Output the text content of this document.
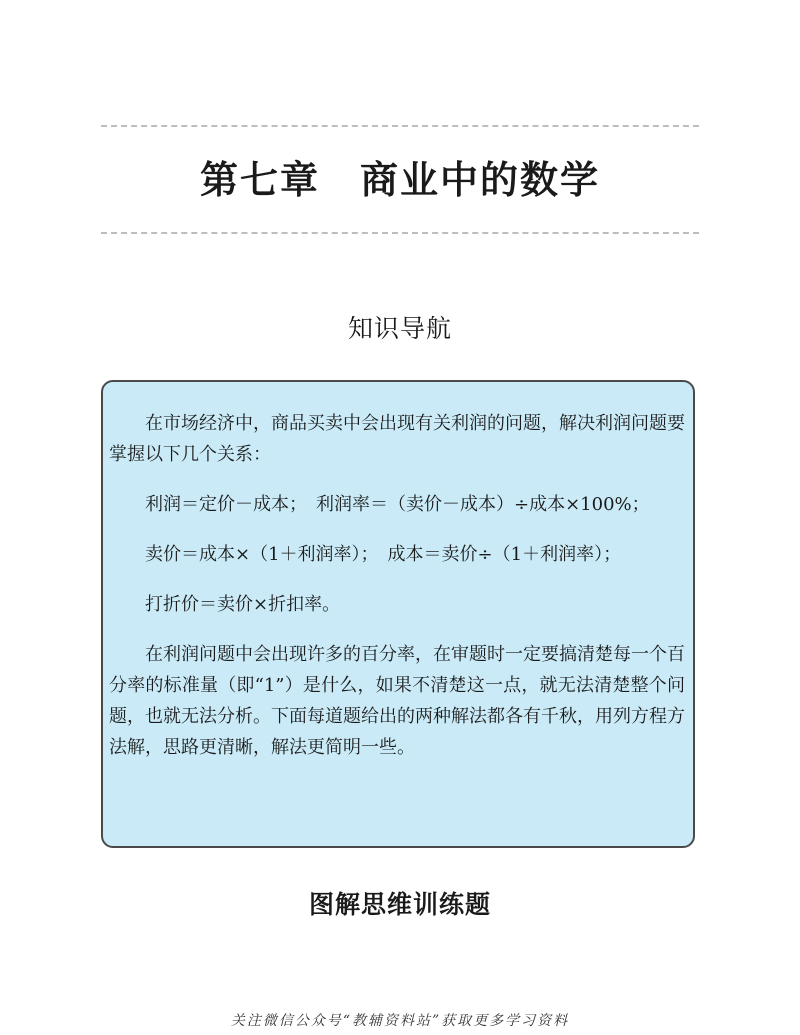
第七章 商业中的数学
知识导航

在市场经济中，商品买卖中会出现有关利润的问题，解决利润问题要掌握以下几个关系：

利润＝定价－成本；　利润率＝（卖价－成本）÷成本×100%；

卖价＝成本×（1＋利润率）；　成本＝卖价÷（1＋利润率）；

打折价＝卖价×折扣率。

在利润问题中会出现许多的百分率，在审题时一定要搞清楚每一个百分率的标准量（即“1”）是什么，如果不清楚这一点，就无法清楚整个问题，也就无法分析。下面每道题给出的两种解法都各有千秋，用列方程方法解，思路更清晰，解法更简明一些。

图解思维训练题
关注微信公众号“教辅资料站”获取更多学习资料
